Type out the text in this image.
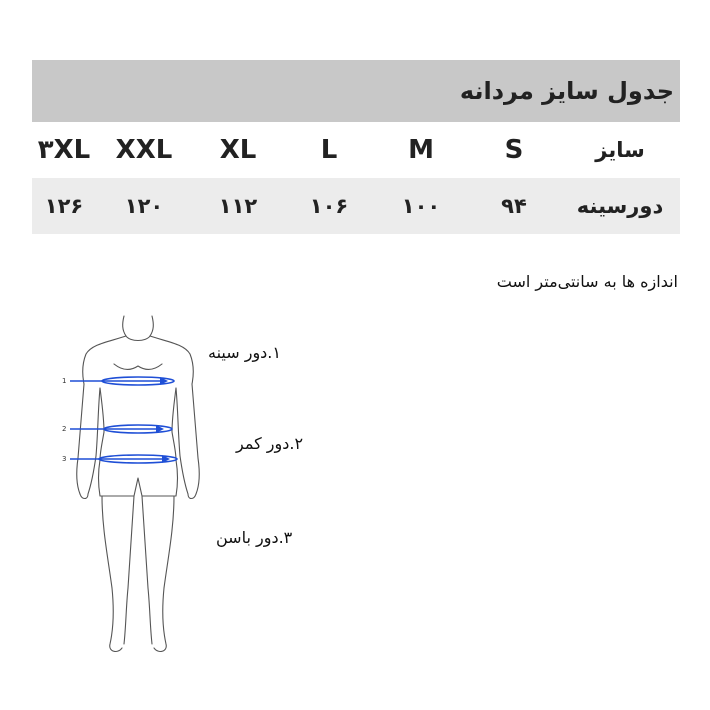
جدول سایز مردانه
سایز
S
M
L
XL
XXL
۳XL
دورسینه
۹۴
۱۰۰
۱۰۶
۱۱۲
۱۲۰
۱۲۶
اندازه ها به سانتی‌متر است
1
2
3
۱.دور سینه
۲.دور کمر
۳.دور باسن
